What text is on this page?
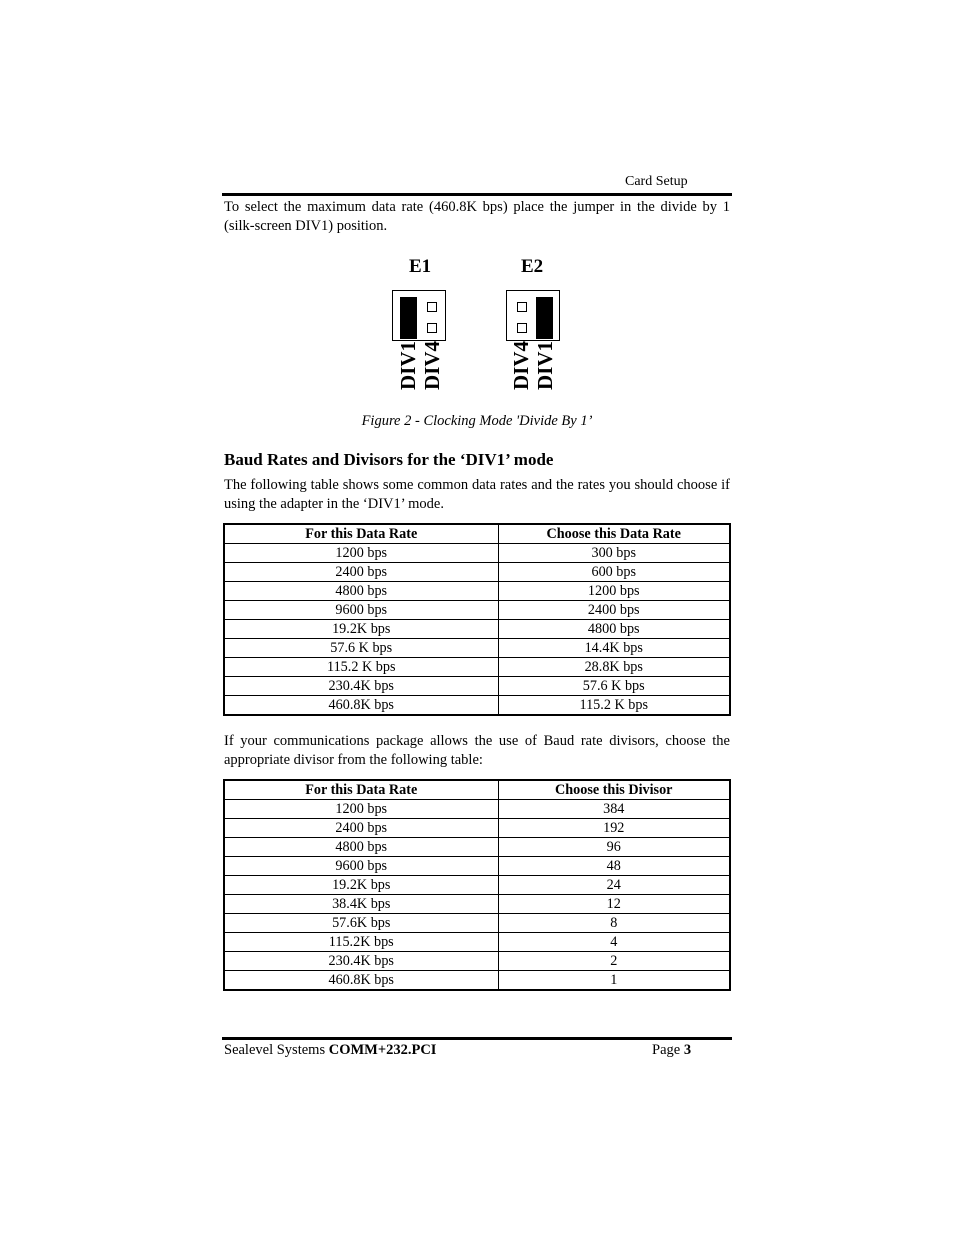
Card Setup
To select the maximum data rate (460.8K bps) place the jumper in the divide by 1 (silk-screen DIV1) position.
E1	E2
DIV1 DIV4	DIV4 DIV1
Figure 2 - Clocking Mode 'Divide By 1’
Baud Rates and Divisors for the ‘DIV1’ mode
The following table shows some common data rates and the rates you should choose if using the adapter in the ‘DIV1’ mode.
For this Data Rate	Choose this Data Rate
1200 bps	300 bps
2400 bps	600 bps
4800 bps	1200 bps
9600 bps	2400 bps
19.2K bps	4800 bps
57.6 K bps	14.4K bps
115.2 K bps	28.8K bps
230.4K bps	57.6 K bps
460.8K bps	115.2 K bps
If your communications package allows the use of Baud rate divisors, choose the appropriate divisor from the following table:
For this Data Rate	Choose this Divisor
1200 bps	384
2400 bps	192
4800 bps	96
9600 bps	48
19.2K bps	24
38.4K bps	12
57.6K bps	8
115.2K bps	4
230.4K bps	2
460.8K bps	1
Sealevel Systems COMM+232.PCI	Page 3
